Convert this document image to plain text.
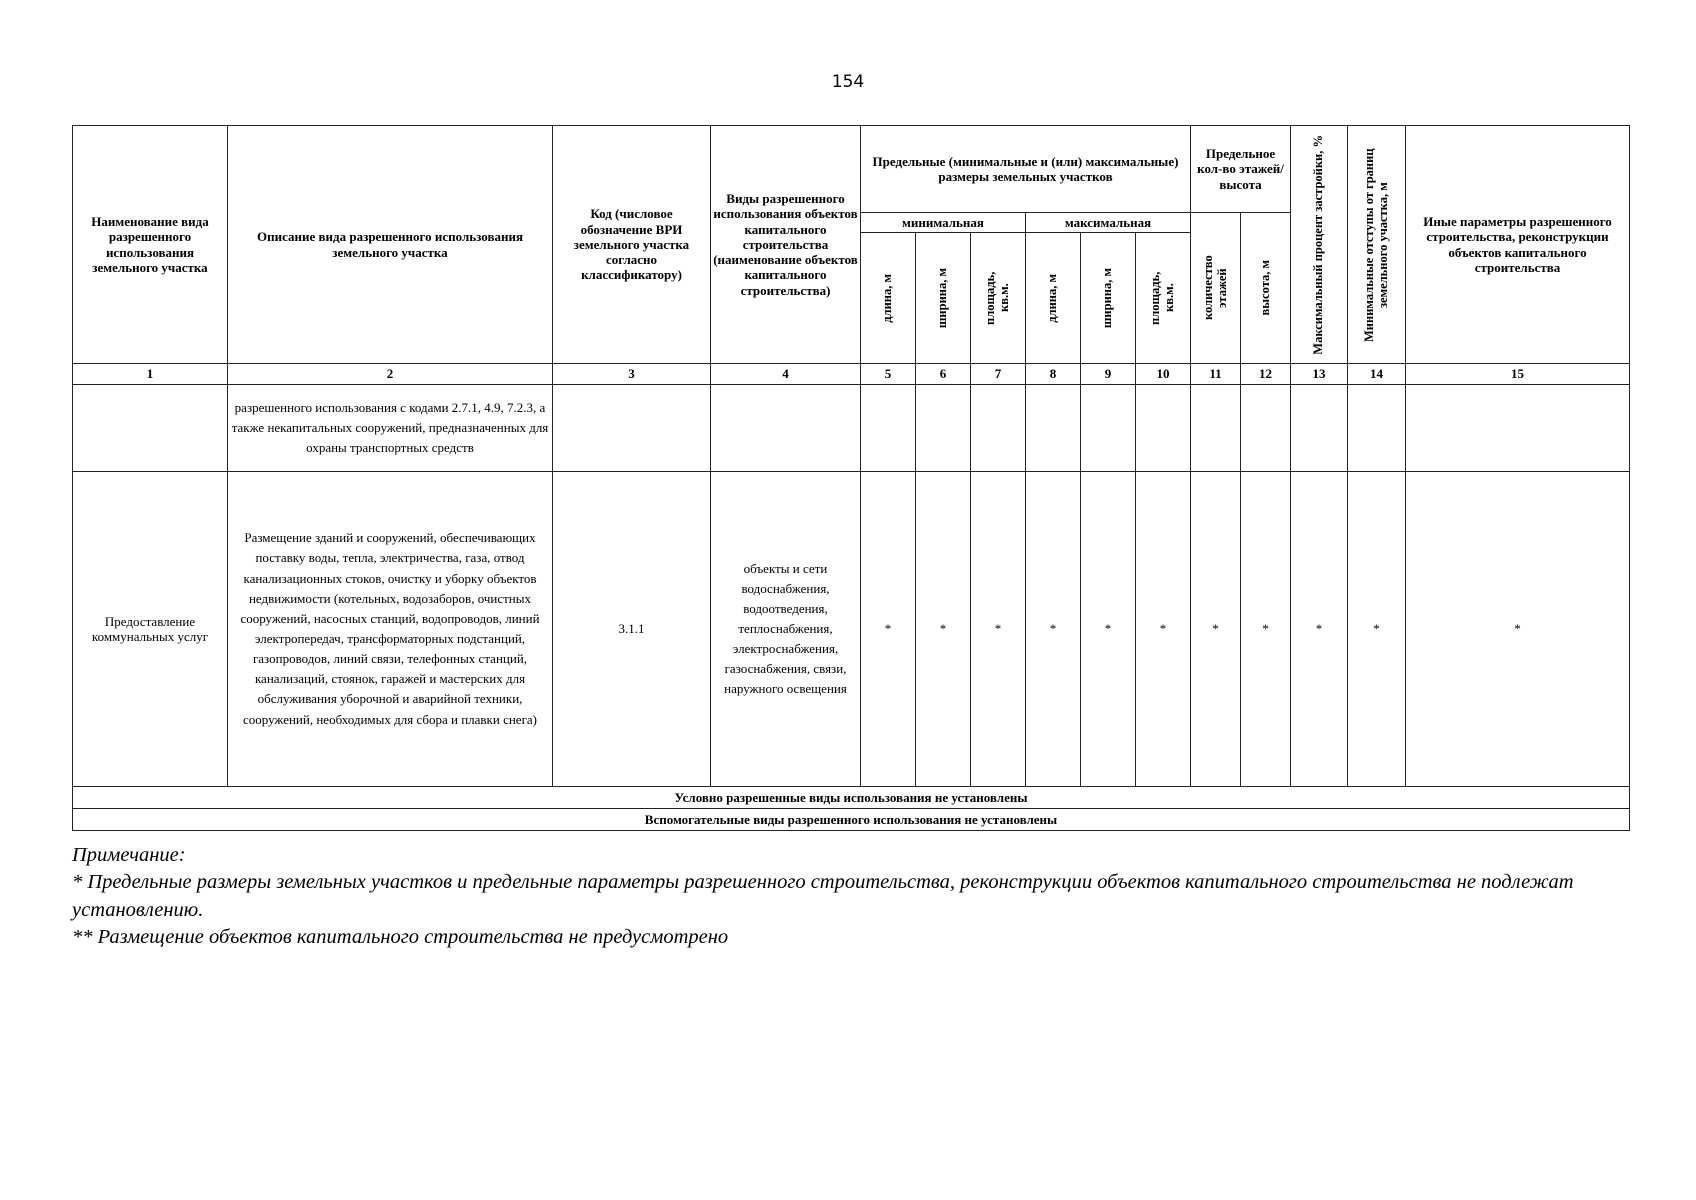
154
Наименование вида разрешенного использования земельного участка	Описание вида разрешенного использования земельного участка	Код (числовое обозначение ВРИ земельного участка согласно классификатору)	Виды разрешенного использования объектов капитального строительства (наименование объектов капитального строительства)	Предельные (минимальные и (или) максимальные) размеры земельных участков						Предельное кол-во этажей/ высота		Максимальный процент застройки, %	Минимальные отступы от границ земельного участка, м	Иные параметры разрешенного строительства, реконструкции объектов капитального строительства
				минимальная			максимальная			количество этажей	высота, м			

				длина, м	ширина, м	площадь, кв.м.	длина, м	ширина, м	площадь, кв.м.					

1	2	3	4	5	6	7	8	9	10	11	12	13	14	15
	разрешенного использования с кодами 2.7.1, 4.9, 7.2.3, а также некапитальных сооружений, предназначенных для охраны транспортных средств													
Предоставление коммунальных услуг	Размещение зданий и сооружений, обеспечивающих поставку воды, тепла, электричества, газа, отвод канализационных стоков, очистку и уборку объектов недвижимости (котельных, водозаборов, очистных сооружений, насосных станций, водопроводов, линий электропередач, трансформаторных подстанций, газопроводов, линий связи, телефонных станций, канализаций, стоянок, гаражей и мастерских для обслуживания уборочной и аварийной техники, сооружений, необходимых для сбора и плавки снега)	3.1.1	объекты и сети водоснабжения, водоотведения, теплоснабжения, электроснабжения, газоснабжения, связи, наружного освещения	*	*	*	*	*	*	*	*	*	*	*
Условно разрешенные виды использования не установлены														
Вспомогательные виды разрешенного использования не установлены														

Примечание:

* Предельные размеры земельных участков и предельные параметры разрешенного строительства, реконструкции объектов капитального строительства не подлежат установлению.

** Размещение объектов капитального строительства не предусмотрено
